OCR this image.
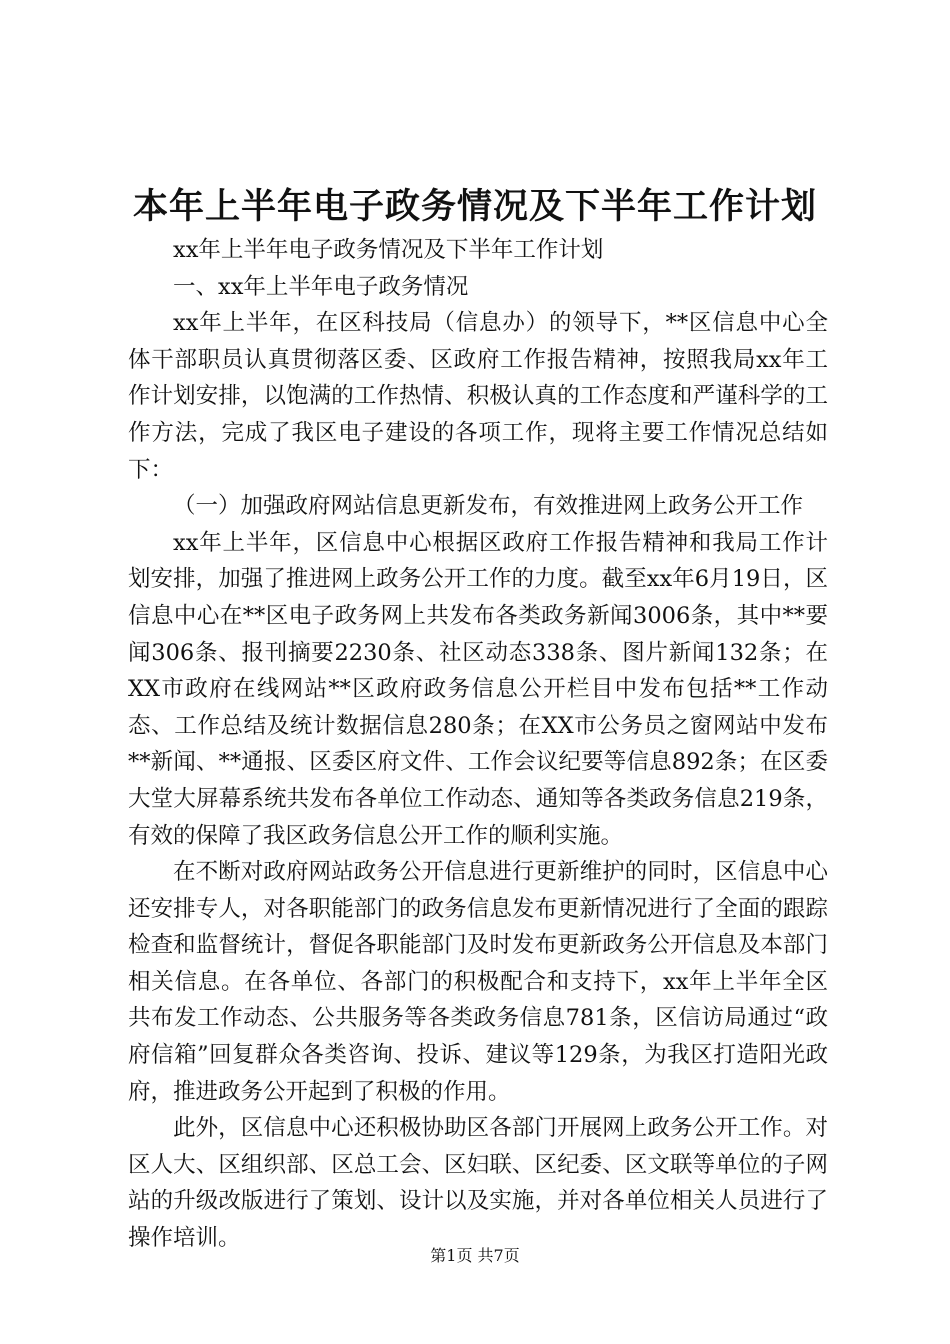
本年上半年电子政务情况及下半年工作计划

xx年上半年电子政务情况及下半年工作计划

一、xx年上半年电子政务情况

xx年上半年，在区科技局（信息办）的领导下，**区信息中心全体干部职员认真贯彻落区委、区政府工作报告精神，按照我局xx年工作计划安排，以饱满的工作热情、积极认真的工作态度和严谨科学的工作方法，完成了我区电子建设的各项工作，现将主要工作情况总结如下：

（一）加强政府网站信息更新发布，有效推进网上政务公开工作

xx年上半年，区信息中心根据区政府工作报告精神和我局工作计划安排，加强了推进网上政务公开工作的力度。截至xx年6月19日，区信息中心在**区电子政务网上共发布各类政务新闻3006条，其中**要闻306条、报刊摘要2230条、社区动态338条、图片新闻132条；在XX市政府在线网站**区政府政务信息公开栏目中发布包括**工作动态、工作总结及统计数据信息280条；在XX市公务员之窗网站中发布**新闻、**通报、区委区府文件、工作会议纪要等信息892条；在区委大堂大屏幕系统共发布各单位工作动态、通知等各类政务信息219条，有效的保障了我区政务信息公开工作的顺利实施。

在不断对政府网站政务公开信息进行更新维护的同时，区信息中心还安排专人，对各职能部门的政务信息发布更新情况进行了全面的跟踪检查和监督统计，督促各职能部门及时发布更新政务公开信息及本部门相关信息。在各单位、各部门的积极配合和支持下，xx年上半年全区共布发工作动态、公共服务等各类政务信息781条，区信访局通过“政府信箱”回复群众各类咨询、投诉、建议等129条，为我区打造阳光政府，推进政务公开起到了积极的作用。

此外，区信息中心还积极协助区各部门开展网上政务公开工作。对区人大、区组织部、区总工会、区妇联、区纪委、区文联等单位的子网站的升级改版进行了策划、设计以及实施，并对各单位相关人员进行了操作培训。

第1页 共7页
